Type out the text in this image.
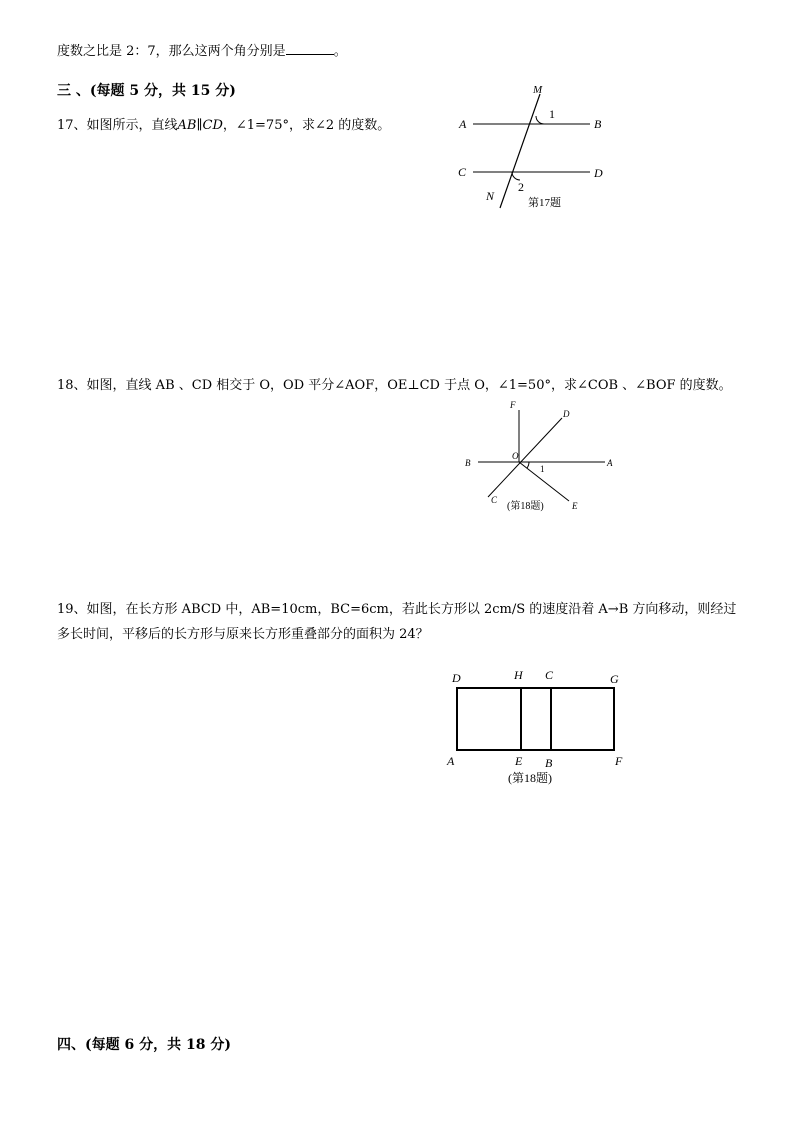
度数之比是 2：7，那么这两个角分别是	。
三 、(每题 5 分，共 15 分)
17、如图所示，直线AB∥CD，∠1=75°，求∠2 的度数。
M
A	B
C	D
N
1
2
第17题
18、如图，直线 AB 、CD 相交于 O，OD 平分∠AOF，OE⊥CD 于点 O，∠1=50°，求∠COB 、∠BOF 的度数。
F
D
O
B	A
1
C
E
(第18题)
19、如图，在长方形 ABCD 中，AB=10cm，BC=6cm，若此长方形以 2cm/S 的速度沿着 A→B 方向移动，则经过
多长时间，平移后的长方形与原来长方形重叠部分的面积为 24？
D	H C	G
A	E B	F
(第18题)
四、(每题 6 分，共 18 分)
